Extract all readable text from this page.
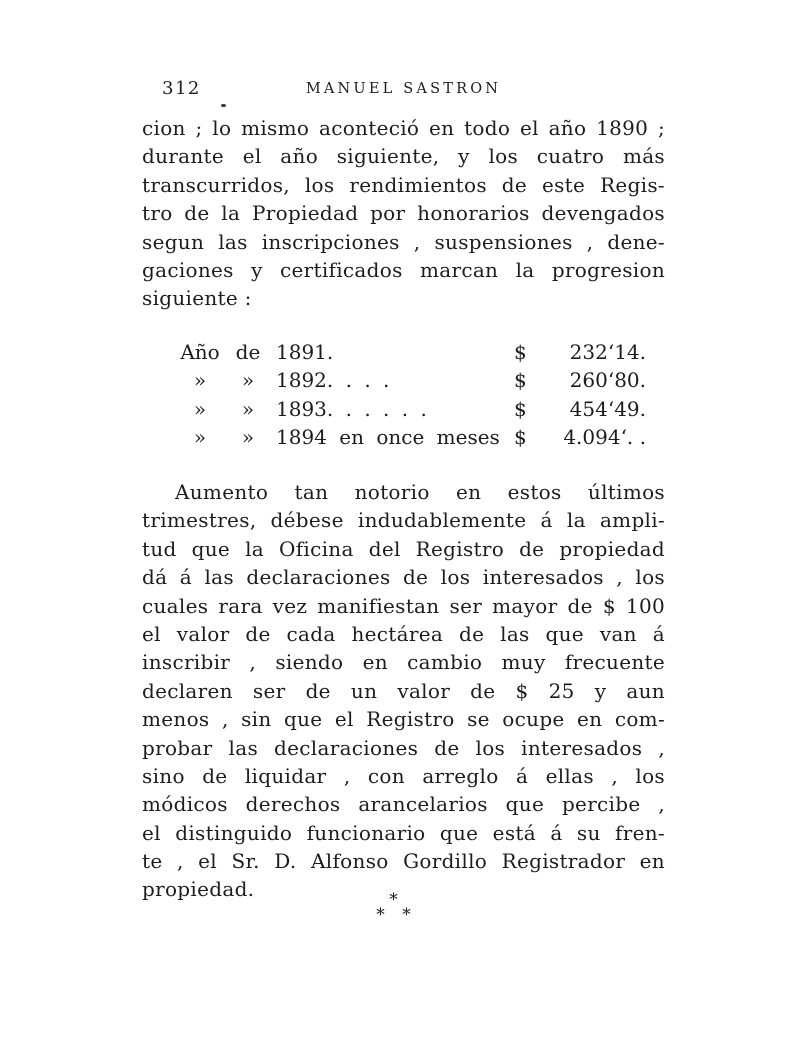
312	MANUEL SASTRON
cion ; lo mismo aconteció en todo el año 1890 ;
durante el año siguiente, y los cuatro más
transcurridos, los rendimientos de este Regis-
tro de la Propiedad por honorarios devengados
segun las inscripciones , suspensiones , dene-
gaciones y certificados marcan la progresion
siguiente :
Año de 1891.	$ 232‘14.
»	»	1892. . . .	$ 260‘80.
»	»	1893. . . . . .	$ 454‘49.
»	»	1894 en once meses $ 4.094‘. .
Aumento tan notorio en estos últimos
trimestres, débese indudablemente á la ampli-
tud que la Oficina del Registro de propiedad
dá á las declaraciones de los interesados , los
cuales rara vez manifiestan ser mayor de $ 100
el valor de cada hectárea de las que van á
inscribir , siendo en cambio muy frecuente
declaren ser de un valor de $ 25 y aun
menos , sin que el Registro se ocupe en com-
probar las declaraciones de los interesados ,
sino de liquidar , con arreglo á ellas , los
módicos derechos arancelarios que percibe ,
el distinguido funcionario que está á su fren-
te , el Sr. D. Alfonso Gordillo Registrador en
propiedad.	*
* *
